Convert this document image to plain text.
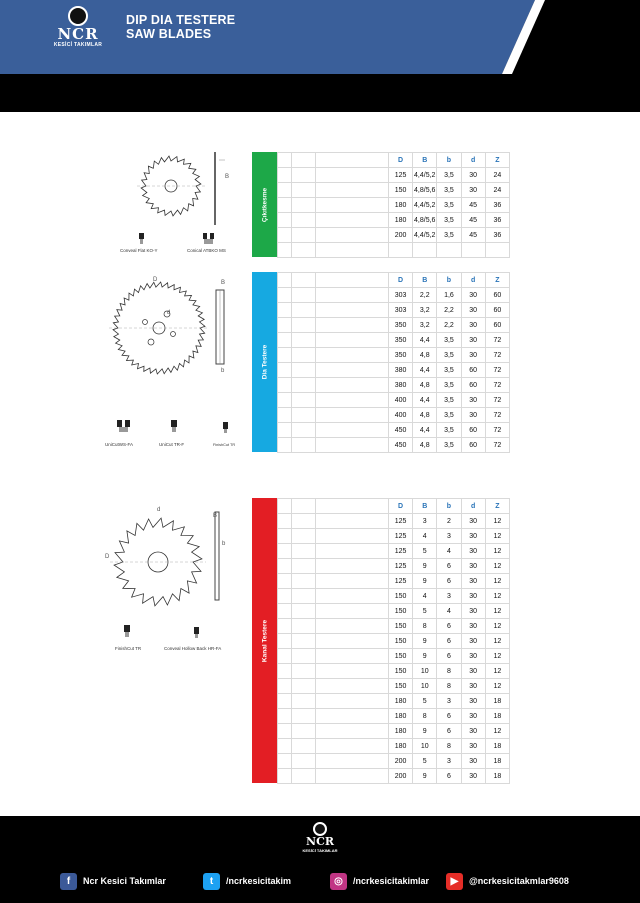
NCR
KESİCİ TAKIMLAR
DIP DIA TESTERE
SAW BLADES
B
Conveal Flat KO-Y	Conical ATBKO MS
D
d
B
b
UniCutWS-FA	UniCut TR-F	FinishCut TR
d
D
B
b
FinishCut TR	Conveal Hollow Back HR-FA
Çıkıtkesme
			D	B	b	d	Z
			125	4,4/5,2	3,5	30	24
			150	4,8/5,6	3,5	30	24
			180	4,4/5,2	3,5	45	36
			180	4,8/5,6	3,5	45	36
			200	4,4/5,2	3,5	45	36

Dia Testere
			D	B	b	d	Z
			303	2,2	1,6	30	60
			303	3,2	2,2	30	60
			350	3,2	2,2	30	60
			350	4,4	3,5	30	72
			350	4,8	3,5	30	72
			380	4,4	3,5	60	72
			380	4,8	3,5	60	72
			400	4,4	3,5	30	72
			400	4,8	3,5	30	72
			450	4,4	3,5	60	72
			450	4,8	3,5	60	72
Kanal Testere
			D	B	b	d	Z
			125	3	2	30	12
			125	4	3	30	12
			125	5	4	30	12
			125	9	6	30	12
			125	9	6	30	12
			150	4	3	30	12
			150	5	4	30	12
			150	8	6	30	12
			150	9	6	30	12
			150	9	6	30	12
			150	10	8	30	12
			150	10	8	30	12
			180	5	3	30	18
			180	8	6	30	18
			180	9	6	30	12
			180	10	8	30	18
			200	5	3	30	18
			200	9	6	30	18
NCR
KESİCİ TAKIMLAR
f	Ncr Kesici Takımlar	t	/ncrkesicitakim	◎	/ncrkesicitakimlar	▶	@ncrkesicitakmlar9608
